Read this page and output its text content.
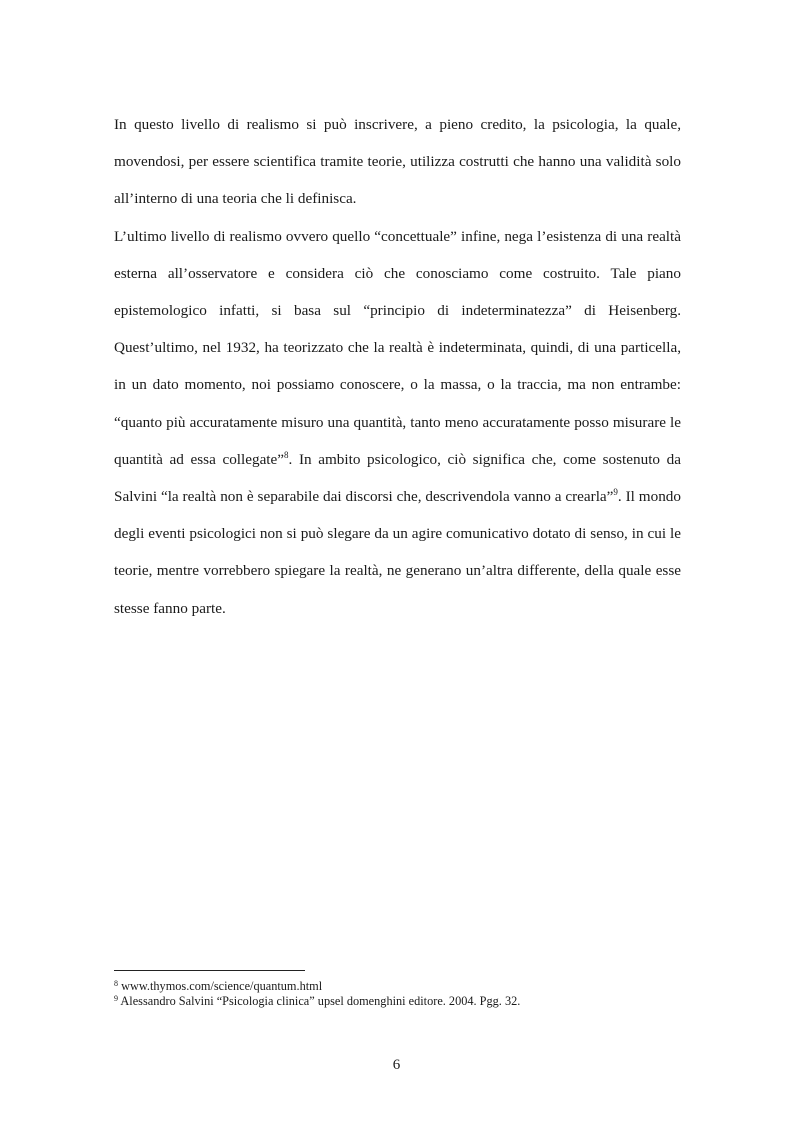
In questo livello di realismo si può inscrivere, a pieno credito, la psicologia, la quale, movendosi, per essere scientifica tramite teorie, utilizza costrutti che hanno una validità solo all’interno di una teoria che li definisca.

L’ultimo livello di realismo ovvero quello “concettuale” infine, nega l’esistenza di una realtà esterna all’osservatore e considera ciò che conosciamo come costruito. Tale piano epistemologico infatti, si basa sul “principio di indeterminatezza” di Heisenberg. Quest’ultimo, nel 1932, ha teorizzato che la realtà è indeterminata, quindi, di una particella, in un dato momento, noi possiamo conoscere, o la massa, o la traccia, ma non entrambe: “quanto più accuratamente misuro una quantità, tanto meno accuratamente posso misurare le quantità ad essa collegate”$^8$. In ambito psicologico, ciò significa che, come sostenuto da Salvini “la realtà non è separabile dai discorsi che, descrivendola vanno a crearla”$^9$. Il mondo degli eventi psicologici non si può slegare da un agire comunicativo dotato di senso, in cui le teorie, mentre vorrebbero spiegare la realtà, ne generano un’altra differente, della quale esse stesse fanno parte.

$^8$ www.thymos.com/science/quantum.html

$^9$ Alessandro Salvini “Psicologia clinica” upsel domenghini editore. 2004. Pgg. 32.

6
